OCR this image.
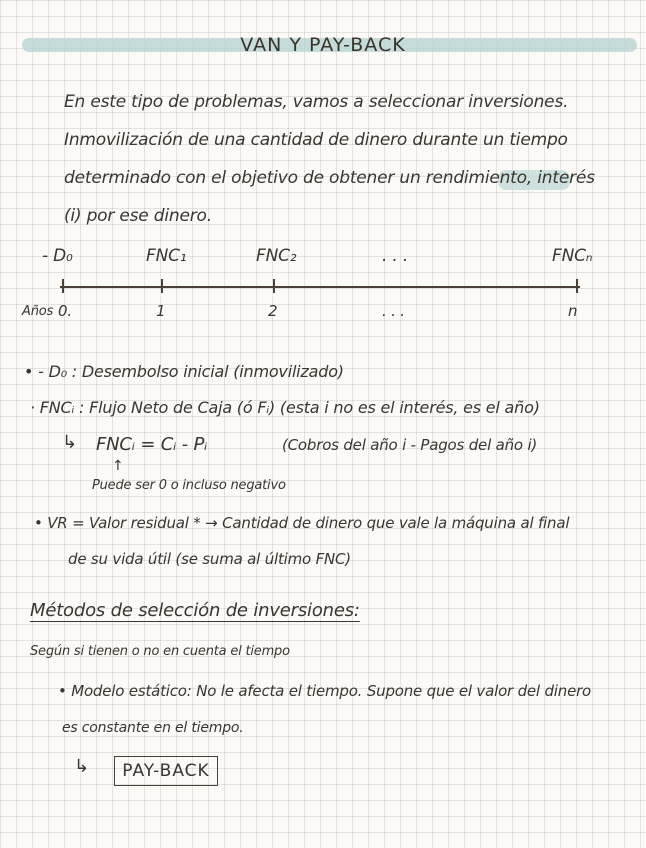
VAN Y PAY-BACK
En este tipo de problemas, vamos a seleccionar inversiones.
Inmovilización de una cantidad de dinero durante un tiempo
determinado con el objetivo de obtener un rendimiento, interés
(i) por ese dinero.
- D₀	FNC₁	FNC₂	. . .	FNCₙ
Años 0.	1	2	. . .	n
• - D₀ : Desembolso inicial (inmovilizado)
· FNCᵢ : Flujo Neto de Caja (ó Fᵢ) (esta i no es el interés, es el año)
↳ FNCᵢ = Cᵢ - Pᵢ	(Cobros del año i - Pagos del año i)
↑
Puede ser 0 o incluso negativo
• VR = Valor residual * → Cantidad de dinero que vale la máquina al final
de su vida útil (se suma al último FNC)
Métodos de selección de inversiones:
Según si tienen o no en cuenta el tiempo
• Modelo estático: No le afecta el tiempo. Supone que el valor del dinero
es constante en el tiempo.
↳	PAY-BACK
